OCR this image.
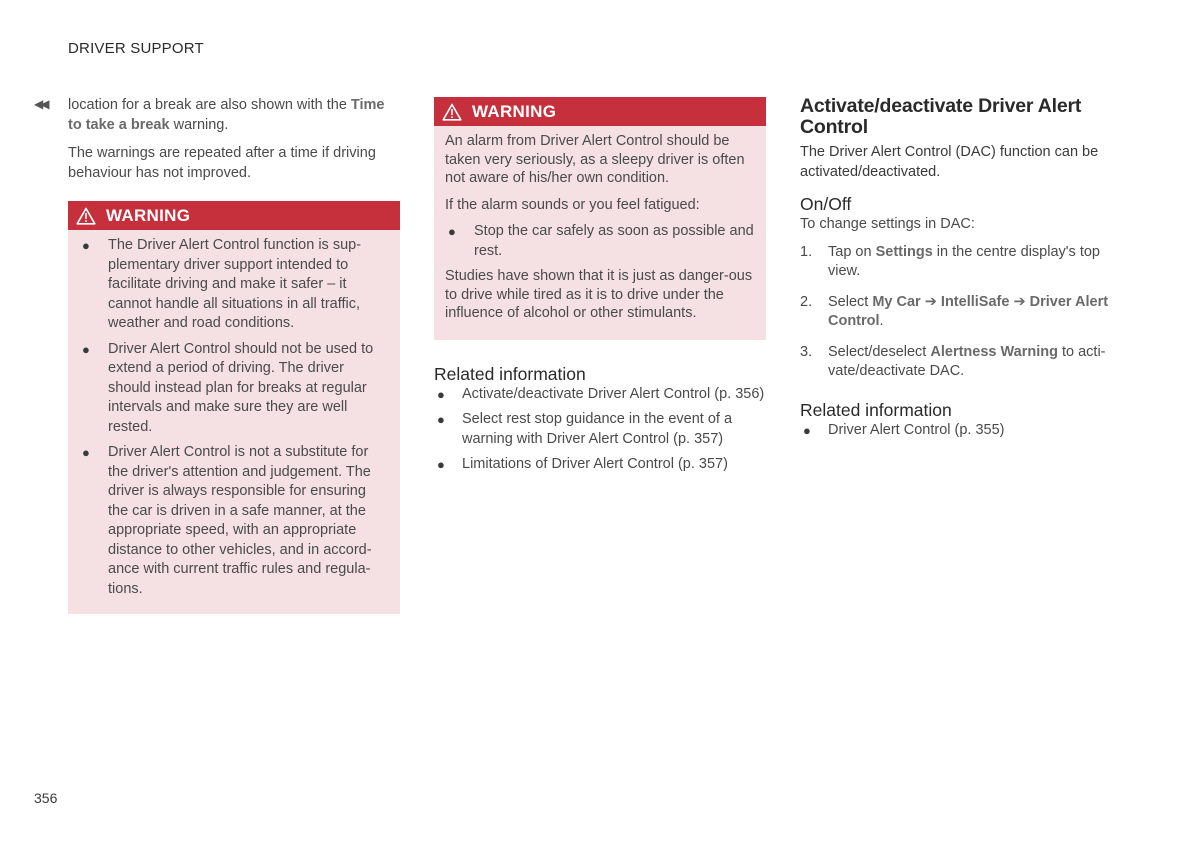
DRIVER SUPPORT
◀◀ location for a break are also shown with the Time to take a break warning.

The warnings are repeated after a time if driving behaviour has not improved.

WARNING
● The Driver Alert Control function is sup-plementary driver support intended to facilitate driving and make it safer – it cannot handle all situations in all traffic, weather and road conditions.
● Driver Alert Control should not be used to extend a period of driving. The driver should instead plan for breaks at regular intervals and make sure they are well rested.
● Driver Alert Control is not a substitute for the driver's attention and judgement. The driver is always responsible for ensuring the car is driven in a safe manner, at the appropriate speed, with an appropriate distance to other vehicles, and in accord-ance with current traffic rules and regula-tions.
WARNING

An alarm from Driver Alert Control should be taken very seriously, as a sleepy driver is often not aware of his/her own condition.

If the alarm sounds or you feel fatigued:

● Stop the car safely as soon as possible and rest.

Studies have shown that it is just as danger-ous to drive while tired as it is to drive under the influence of alcohol or other stimulants.

Related information
● Activate/deactivate Driver Alert Control (p. 356)
● Select rest stop guidance in the event of a warning with Driver Alert Control (p. 357)
● Limitations of Driver Alert Control (p. 357)
Activate/deactivate Driver Alert Control

The Driver Alert Control (DAC) function can be activated/deactivated.

On/Off

To change settings in DAC:

1. Tap on Settings in the centre display's top view.
2. Select My Car ➔ IntelliSafe ➔ Driver Alert Control.
3. Select/deselect Alertness Warning to acti-vate/deactivate DAC.
Related information
● Driver Alert Control (p. 355)
356
